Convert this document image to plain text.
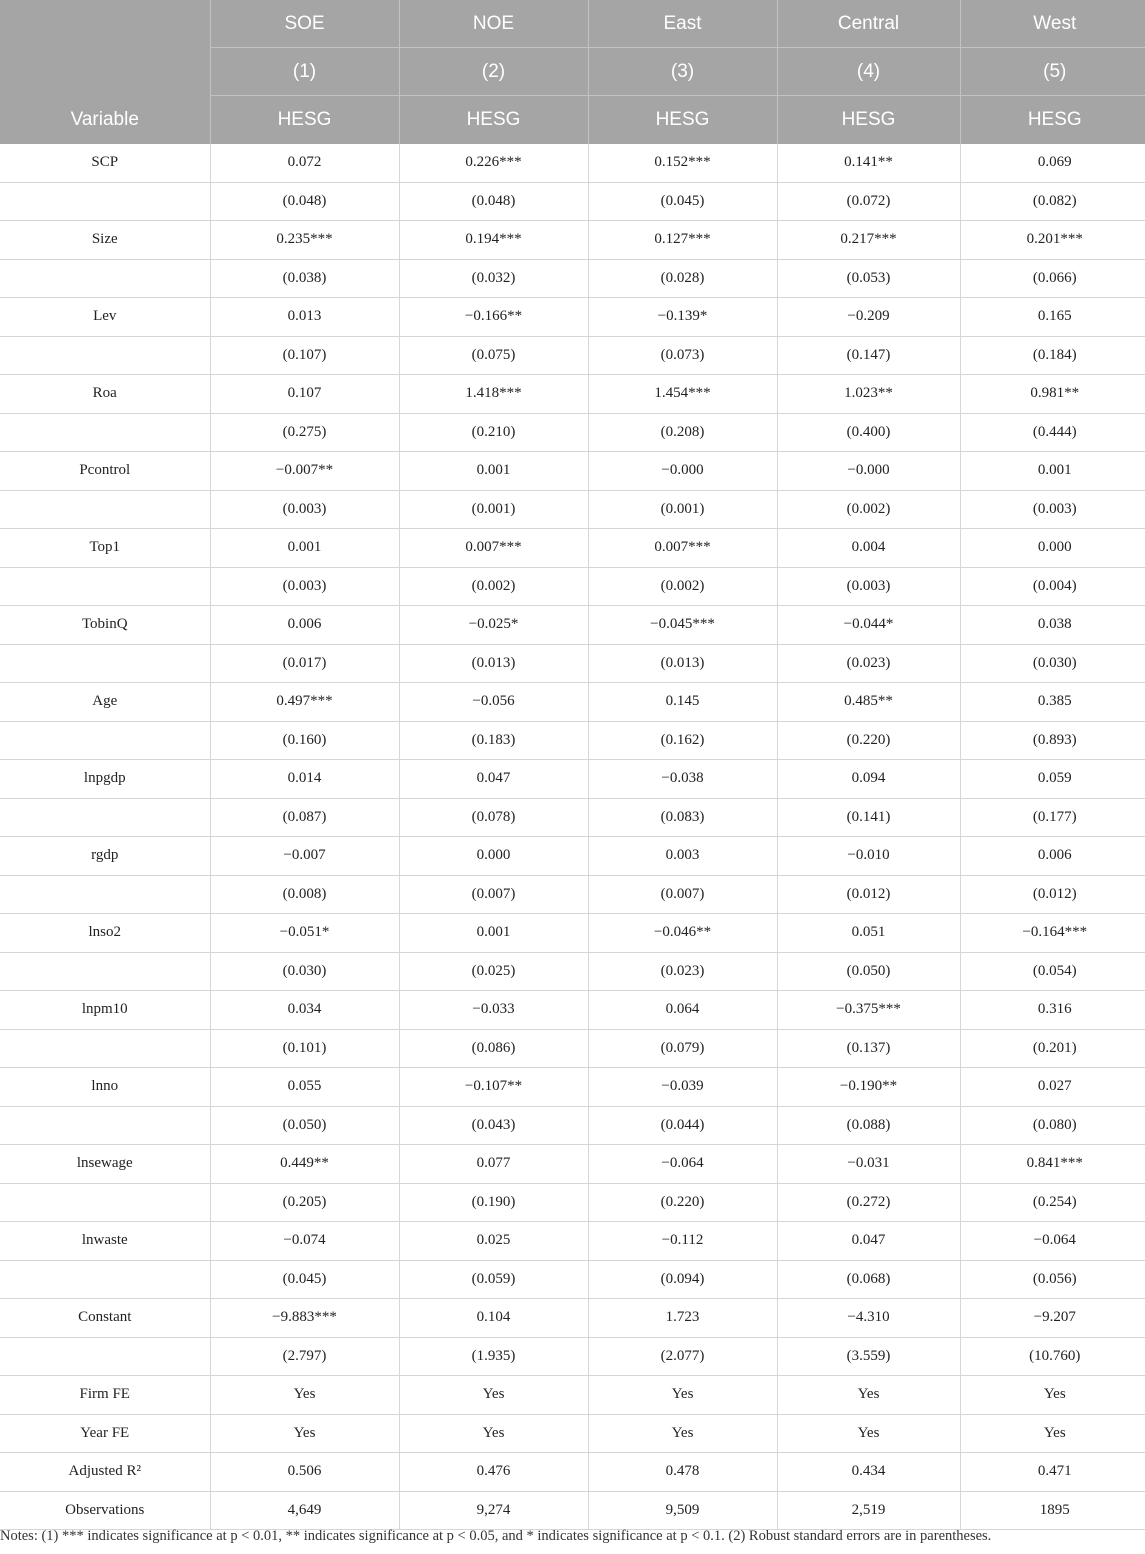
	SOE	NOE	East	Central	West
	(1)	(2)	(3)	(4)	(5)
Variable	HESG	HESG	HESG	HESG	HESG
SCP	0.072	0.226***	0.152***	0.141**	0.069
	(0.048)	(0.048)	(0.045)	(0.072)	(0.082)
Size	0.235***	0.194***	0.127***	0.217***	0.201***
	(0.038)	(0.032)	(0.028)	(0.053)	(0.066)
Lev	0.013	−0.166**	−0.139*	−0.209	0.165
	(0.107)	(0.075)	(0.073)	(0.147)	(0.184)
Roa	0.107	1.418***	1.454***	1.023**	0.981**
	(0.275)	(0.210)	(0.208)	(0.400)	(0.444)
Pcontrol	−0.007**	0.001	−0.000	−0.000	0.001
	(0.003)	(0.001)	(0.001)	(0.002)	(0.003)
Top1	0.001	0.007***	0.007***	0.004	0.000
	(0.003)	(0.002)	(0.002)	(0.003)	(0.004)
TobinQ	0.006	−0.025*	−0.045***	−0.044*	0.038
	(0.017)	(0.013)	(0.013)	(0.023)	(0.030)
Age	0.497***	−0.056	0.145	0.485**	0.385
	(0.160)	(0.183)	(0.162)	(0.220)	(0.893)
lnpgdp	0.014	0.047	−0.038	0.094	0.059
	(0.087)	(0.078)	(0.083)	(0.141)	(0.177)
rgdp	−0.007	0.000	0.003	−0.010	0.006
	(0.008)	(0.007)	(0.007)	(0.012)	(0.012)
lnso2	−0.051*	0.001	−0.046**	0.051	−0.164***
	(0.030)	(0.025)	(0.023)	(0.050)	(0.054)
lnpm10	0.034	−0.033	0.064	−0.375***	0.316
	(0.101)	(0.086)	(0.079)	(0.137)	(0.201)
lnno	0.055	−0.107**	−0.039	−0.190**	0.027
	(0.050)	(0.043)	(0.044)	(0.088)	(0.080)
lnsewage	0.449**	0.077	−0.064	−0.031	0.841***
	(0.205)	(0.190)	(0.220)	(0.272)	(0.254)
lnwaste	−0.074	0.025	−0.112	0.047	−0.064
	(0.045)	(0.059)	(0.094)	(0.068)	(0.056)
Constant	−9.883***	0.104	1.723	−4.310	−9.207
	(2.797)	(1.935)	(2.077)	(3.559)	(10.760)
Firm FE	Yes	Yes	Yes	Yes	Yes
Year FE	Yes	Yes	Yes	Yes	Yes
Adjusted R²	0.506	0.476	0.478	0.434	0.471
Observations	4,649	9,274	9,509	2,519	1895
Notes: (1) *** indicates significance at p < 0.01, ** indicates significance at p < 0.05, and * indicates significance at p < 0.1. (2) Robust standard errors are in parentheses.
